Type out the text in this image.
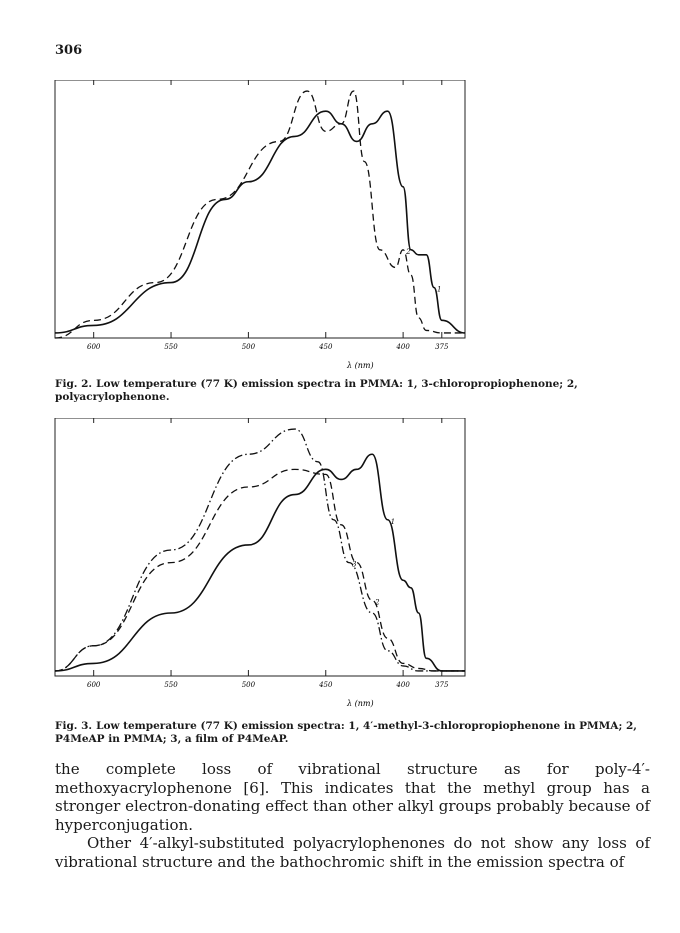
306
1
2
600	550	500	450	400	375
λ (nm)
Fig. 2. Low temperature (77 K) emission spectra in PMMA: 1, 3-chloropropiophenone; 2, polyacrylophenone.
1
2
3
600	550	500	450	400	375
λ (nm)
Fig. 3. Low temperature (77 K) emission spectra: 1, 4′-methyl-3-chloropropiophenone in PMMA; 2, P4MeAP in PMMA; 3, a film of P4MeAP.

the complete loss of vibrational structure as for poly-4′-methoxyacrylophenone [6]. This indicates that the methyl group has a stronger electron-donating effect than other alkyl groups probably because of hyperconjugation.

Other 4′-alkyl-substituted polyacrylophenones do not show any loss of vibrational structure and the bathochromic shift in the emission spectra of
